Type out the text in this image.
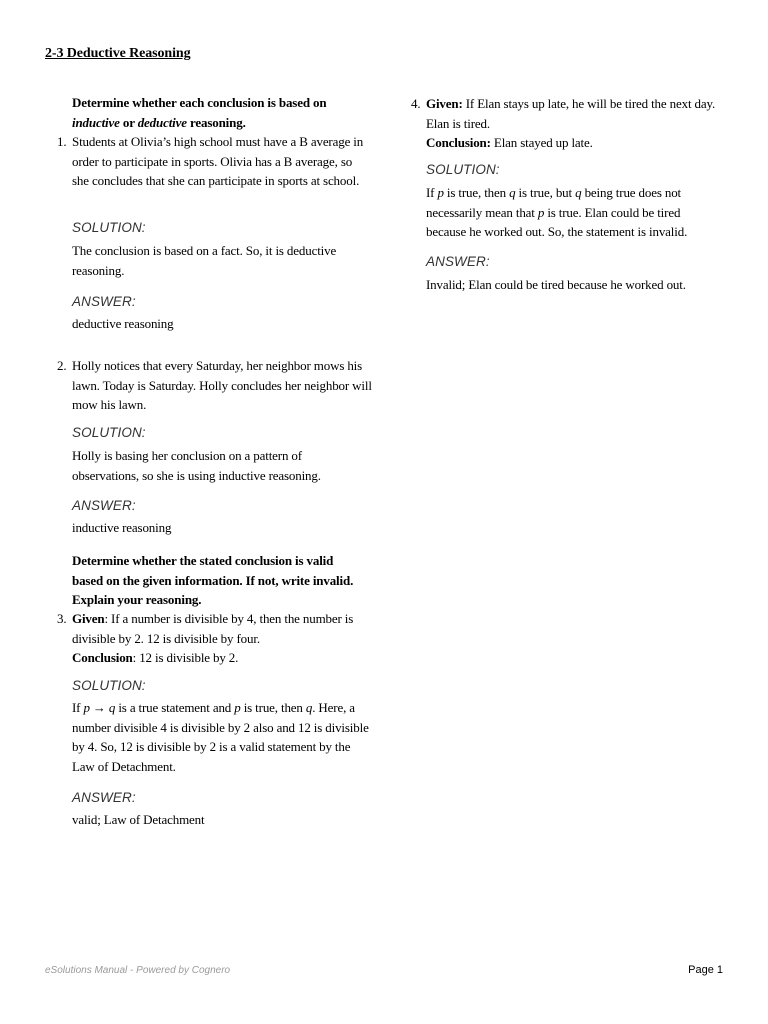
2-3 Deductive Reasoning
Determine whether each conclusion is based on
inductive or deductive reasoning.
1. Students at Olivia’s high school must have a B average in order to participate in sports. Olivia has a B average, so she concludes that she can participate in sports at school.
SOLUTION:
The conclusion is based on a fact. So, it is deductive reasoning.
ANSWER:
deductive reasoning
2. Holly notices that every Saturday, her neighbor mows his lawn. Today is Saturday. Holly concludes her neighbor will mow his lawn.
SOLUTION:
Holly is basing her conclusion on a pattern of observations, so she is using inductive reasoning.
ANSWER:
inductive reasoning
Determine whether the stated conclusion is valid based on the given information. If not, write invalid. Explain your reasoning.
3. Given: If a number is divisible by 4, then the number is divisible by 2. 12 is divisible by four.
Conclusion: 12 is divisible by 2.
SOLUTION:
If p → q is a true statement and p is true, then q. Here, a number divisible 4 is divisible by 2 also and 12 is divisible by 4. So, 12 is divisible by 2 is a valid statement by the Law of Detachment.
ANSWER:
valid; Law of Detachment
4. Given: If Elan stays up late, he will be tired the next day. Elan is tired.
Conclusion: Elan stayed up late.
SOLUTION:
If p is true, then q is true, but q being true does not necessarily mean that p is true. Elan could be tired because he worked out. So, the statement is invalid.
ANSWER:
Invalid; Elan could be tired because he worked out.
eSolutions Manual - Powered by Cognero	Page 1
